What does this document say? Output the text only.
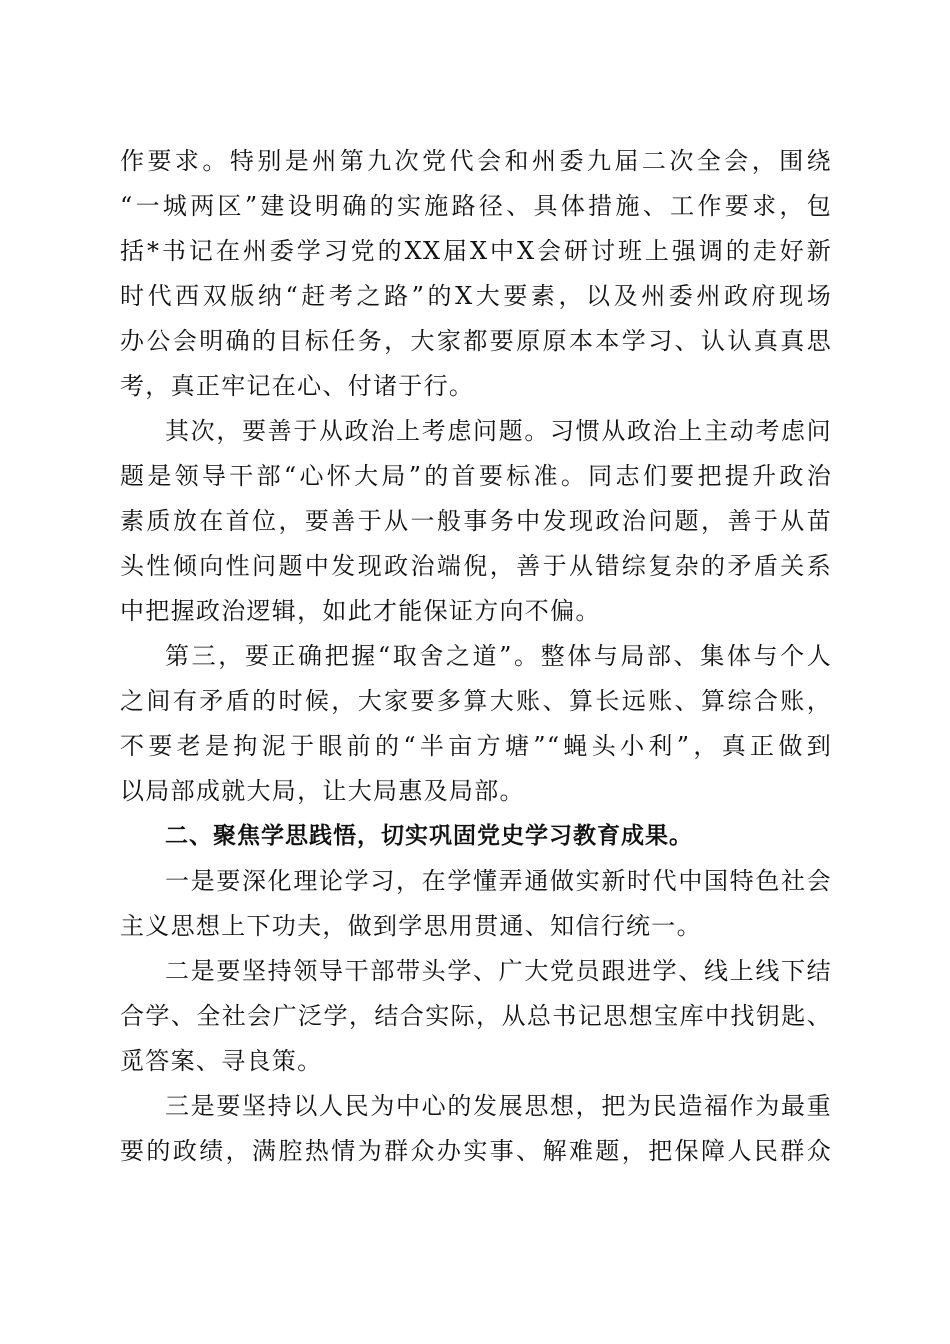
作要求。特别是州第九次党代会和州委九届二次全会，围绕
“一城两区”建设明确的实施路径、具体措施、工作要求，包
括*书记在州委学习党的XX届X中X会研讨班上强调的走好新
时代西双版纳“赶考之路”的X大要素，以及州委州政府现场
办公会明确的目标任务，大家都要原原本本学习、认认真真思
考，真正牢记在心、付诸于行。
其次，要善于从政治上考虑问题。习惯从政治上主动考虑问
题是领导干部“心怀大局”的首要标准。同志们要把提升政治
素质放在首位，要善于从一般事务中发现政治问题，善于从苗
头性倾向性问题中发现政治端倪，善于从错综复杂的矛盾关系
中把握政治逻辑，如此才能保证方向不偏。
第三，要正确把握“取舍之道”。整体与局部、集体与个人
之间有矛盾的时候，大家要多算大账、算长远账、算综合账，
不要老是拘泥于眼前的“半亩方塘”“蝇头小利”，真正做到
以局部成就大局，让大局惠及局部。
二、聚焦学思践悟，切实巩固党史学习教育成果。
一是要深化理论学习，在学懂弄通做实新时代中国特色社会
主义思想上下功夫，做到学思用贯通、知信行统一。
二是要坚持领导干部带头学、广大党员跟进学、线上线下结
合学、全社会广泛学，结合实际，从总书记思想宝库中找钥匙、
觅答案、寻良策。
三是要坚持以人民为中心的发展思想，把为民造福作为最重
要的政绩，满腔热情为群众办实事、解难题，把保障人民群众
